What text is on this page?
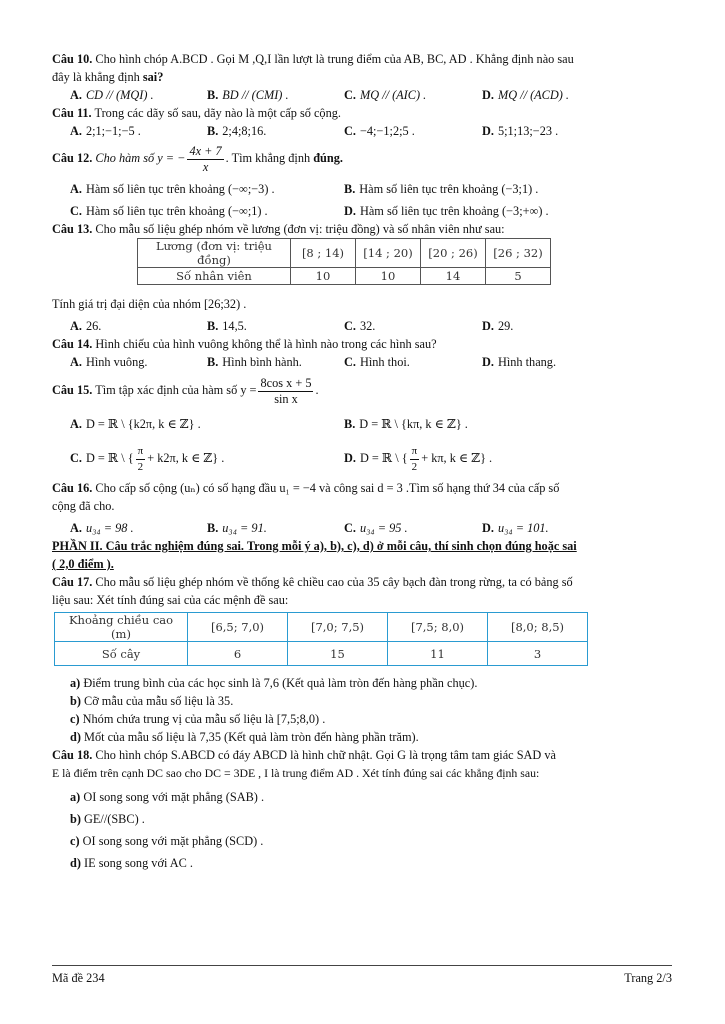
Câu 10. Cho hình chóp A.BCD . Gọi M ,Q,I lần lượt là trung điểm của AB, BC, AD . Khẳng định nào sau
đây là khẳng định sai?
A. CD // (MQI) .	B. BD // (CMI) .	C. MQ // (AIC) .	D. MQ // (ACD) .
Câu 11. Trong các dãy số sau, dãy nào là một cấp số cộng.
A. 2;1;−1;−5 .	B. 2;4;8;16.	C. −4;−1;2;5 .	D. 5;1;13;−23 .
Câu 12. Cho hàm số y = − $\frac{4x + 7}{x}$ . Tìm khẳng định đúng.
A. Hàm số liên tục trên khoảng (−∞;−3) .	B. Hàm số liên tục trên khoảng (−3;1) .
C. Hàm số liên tục trên khoảng (−∞;1) .	D. Hàm số liên tục trên khoảng (−3;+∞) .
Câu 13. Cho mẫu số liệu ghép nhóm về lương (đơn vị: triệu đồng) và số nhân viên như sau:
Lương (đơn vị: triệu đồng)	[8 ; 14)	[14 ; 20)	[20 ; 26)	[26 ; 32)
Số nhân viên	10	10	14	5
Tính giá trị đại diện của nhóm [26;32) .
A. 26.	B. 14,5.	C. 32.	D. 29.
Câu 14. Hình chiếu của hình vuông không thể là hình nào trong các hình sau?
A. Hình vuông.	B. Hình bình hành.	C. Hình thoi.	D. Hình thang.
Câu 15. Tìm tập xác định của hàm số $y = \frac{\text{8cos x + 5}}{\text{sin x}}$ .
A. D = ℝ \ {k2π, k ∈ ℤ} .	B. D = ℝ \ {kπ, k ∈ ℤ} .
C. D = ℝ \ { $\frac{\pi}{2} + k2\pi$, k ∈ ℤ} .	D. D = ℝ \ { $\frac{\pi}{2} + k\pi$, k ∈ ℤ} .
Câu 16. Cho cấp số cộng (uₙ) có số hạng đầu u₁ = −4 và công sai d = 3 .Tìm số hạng thứ 34 của cấp số
cộng đã cho.
A. u₃₄ = 98 .	B. u₃₄ = 91.	C. u₃₄ = 95 .	D. u₃₄ = 101.
PHẦN II. Câu trắc nghiệm đúng sai. Trong mỗi ý a), b), c), d) ở mỗi câu, thí sinh chọn đúng hoặc sai
( 2,0 điểm ).
Câu 17. Cho mẫu số liệu ghép nhóm về thống kê chiều cao của 35 cây bạch đàn trong rừng, ta có bảng số
liệu sau: Xét tính đúng sai của các mệnh đề sau:
Khoảng chiều cao (m)	[6,5; 7,0)	[7,0; 7,5)	[7,5; 8,0)	[8,0; 8,5)
Số cây	6	15	11	3
a) Điểm trung bình của các học sinh là 7,6 (Kết quả làm tròn đến hàng phần chục).
b) Cỡ mẫu của mẫu số liệu là 35.
c) Nhóm chứa trung vị của mẫu số liệu là [7,5;8,0) .
d) Mốt của mẫu số liệu là 7,35 (Kết quả làm tròn đến hàng phần trăm).
Câu 18. Cho hình chóp S.ABCD có đáy ABCD là hình chữ nhật. Gọi G là trọng tâm tam giác SAD và
E là điểm trên cạnh DC sao cho DC = 3DE , I là trung điểm AD . Xét tính đúng sai các khẳng định sau:
a) OI song song với mặt phẳng (SAB) .
b) GE//(SBC) .
c) OI song song với mặt phẳng (SCD) .
d) IE song song với AC .
Mã đề 234	Trang 2/3
